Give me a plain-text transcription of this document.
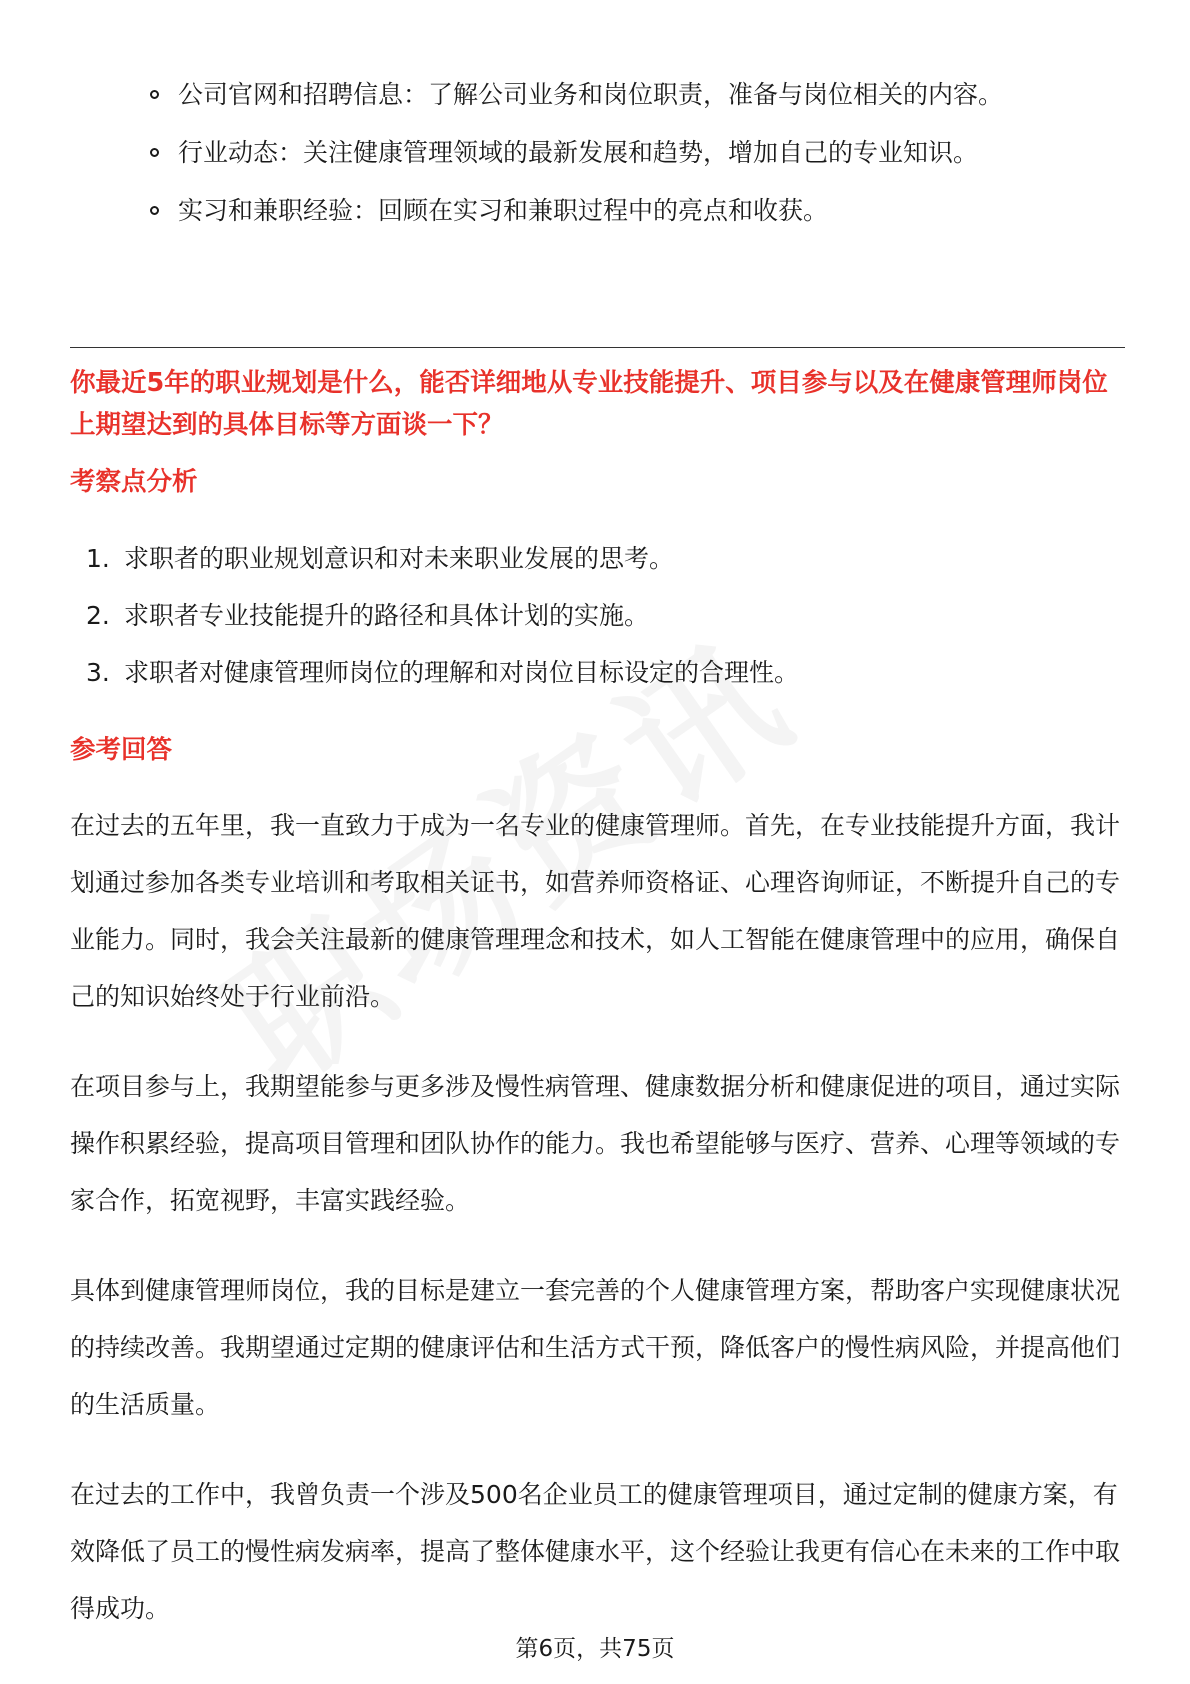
公司官网和招聘信息：了解公司业务和岗位职责，准备与岗位相关的内容。
行业动态：关注健康管理领域的最新发展和趋势，增加自己的专业知识。
实习和兼职经验：回顾在实习和兼职过程中的亮点和收获。
你最近5年的职业规划是什么，能否详细地从专业技能提升、项目参与以及在健康管理师岗位上期望达到的具体目标等方面谈一下？
考察点分析
1. 求职者的职业规划意识和对未来职业发展的思考。
2. 求职者专业技能提升的路径和具体计划的实施。
3. 求职者对健康管理师岗位的理解和对岗位目标设定的合理性。
参考回答

在过去的五年里，我一直致力于成为一名专业的健康管理师。首先，在专业技能提升方面，我计划通过参加各类专业培训和考取相关证书，如营养师资格证、心理咨询师证，不断提升自己的专业能力。同时，我会关注最新的健康管理理念和技术，如人工智能在健康管理中的应用，确保自己的知识始终处于行业前沿。

在项目参与上，我期望能参与更多涉及慢性病管理、健康数据分析和健康促进的项目，通过实际操作积累经验，提高项目管理和团队协作的能力。我也希望能够与医疗、营养、心理等领域的专家合作，拓宽视野，丰富实践经验。

具体到健康管理师岗位，我的目标是建立一套完善的个人健康管理方案，帮助客户实现健康状况的持续改善。我期望通过定期的健康评估和生活方式干预，降低客户的慢性病风险，并提高他们的生活质量。

在过去的工作中，我曾负责一个涉及500名企业员工的健康管理项目，通过定制的健康方案，有效降低了员工的慢性病发病率，提高了整体健康水平，这个经验让我更有信心在未来的工作中取得成功。

第6页，共75页
